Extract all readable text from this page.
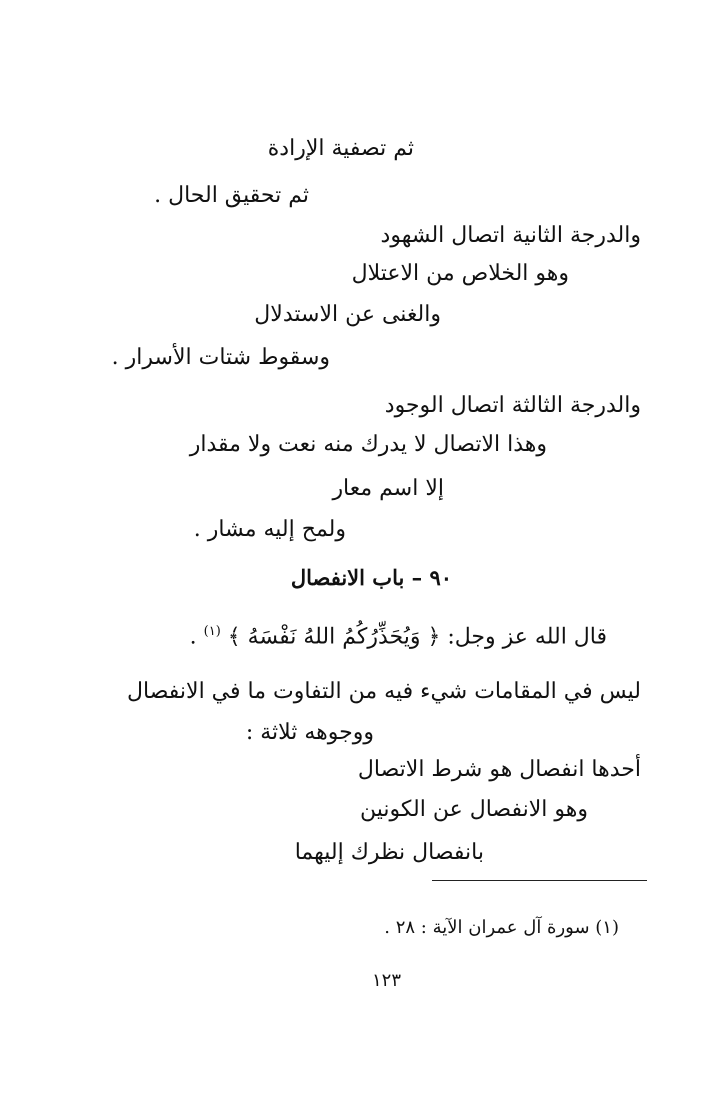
ثم تصفية الإرادة
ثم تحقيق الحال .
والدرجة الثانية اتصال الشهود
وهو الخلاص من الاعتلال
والغنى عن الاستدلال
وسقوط شتات الأسرار .
والدرجة الثالثة اتصال الوجود
وهذا الاتصال لا يدرك منه نعت ولا مقدار
إلا اسم معار
ولمح إليه مشار .
٩٠ – باب الانفصال
قال الله عز وجل: ﴿ وَيُحَذِّرُكُمُ اللهُ نَفْسَهُ ﴾ $^{(١)}$ .
ليس في المقامات شيء فيه من التفاوت ما في الانفصال
ووجوهه ثلاثة :
أحدها انفصال هو شرط الاتصال
وهو الانفصال عن الكونين
بانفصال نظرك إليهما
(١) سورة آل عمران الآية : ٢٨ .
١٢٣
